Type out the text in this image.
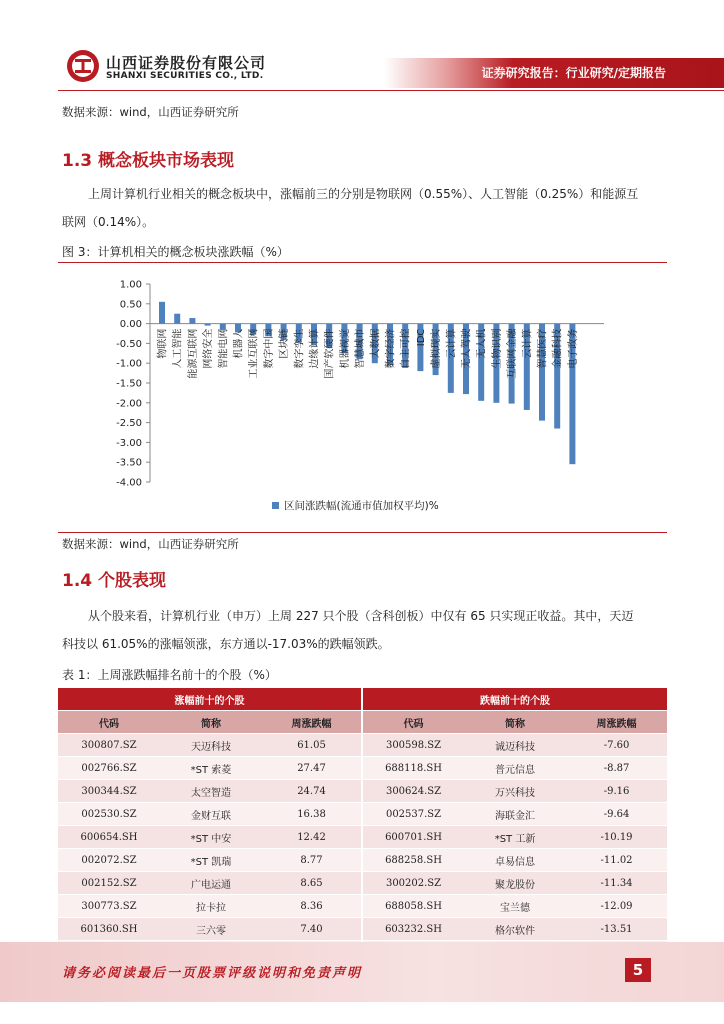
山西证券股份有限公司
SHANXI SECURITIES CO., LTD.	证券研究报告：行业研究/定期报告
数据来源：wind，山西证券研究所
1.3 概念板块市场表现
上周计算机行业相关的概念板块中，涨幅前三的分别是物联网（0.55%）、人工智能（0.25%）和能源互
联网（0.14%）。
图 3：计算机相关的概念板块涨跌幅（%）
1.00
0.50
0.00
-0.50
-1.00
-1.50
-2.00
-2.50
-3.00
-3.50
-4.00
物联网 人工智能 能源互联网 网络安全 智能电网 机器人 工业互联网 数字中国 区块链 数字孪生 边缘计算 国产软硬件 机器视觉 智慧城市 大数据 数字经济 自主可控 IDC 虚拟现实 云计算 无人驾驶 无人机 生物识别 互联网金融 云计算 智慧医疗 金融科技 电子政务
区间涨跌幅(流通市值加权平均)%
数据来源：wind，山西证券研究所
1.4 个股表现
从个股来看，计算机行业（申万）上周 227 只个股（含科创板）中仅有 65 只实现正收益。其中，天迈
科技以 61.05%的涨幅领涨，东方通以-17.03%的跌幅领跌。
表 1：上周涨跌幅排名前十的个股（%）
涨幅前十的个股			跌幅前十的个股		
代码	简称	周涨跌幅	代码	简称	周涨跌幅
300807.SZ	天迈科技	61.05	300598.SZ	诚迈科技	-7.60
002766.SZ	*ST 索菱	27.47	688118.SH	普元信息	-8.87
300344.SZ	太空智造	24.74	300624.SZ	万兴科技	-9.16
002530.SZ	金财互联	16.38	002537.SZ	海联金汇	-9.64
600654.SH	*ST 中安	12.42	600701.SH	*ST 工新	-10.19
002072.SZ	*ST 凯瑞	8.77	688258.SH	卓易信息	-11.02
002152.SZ	广电运通	8.65	300202.SZ	聚龙股份	-11.34
300773.SZ	拉卡拉	8.36	688058.SH	宝兰德	-12.09
601360.SH	三六零	7.40	603232.SH	格尔软件	-13.51

请务必阅读最后一页股票评级说明和免责声明	5
